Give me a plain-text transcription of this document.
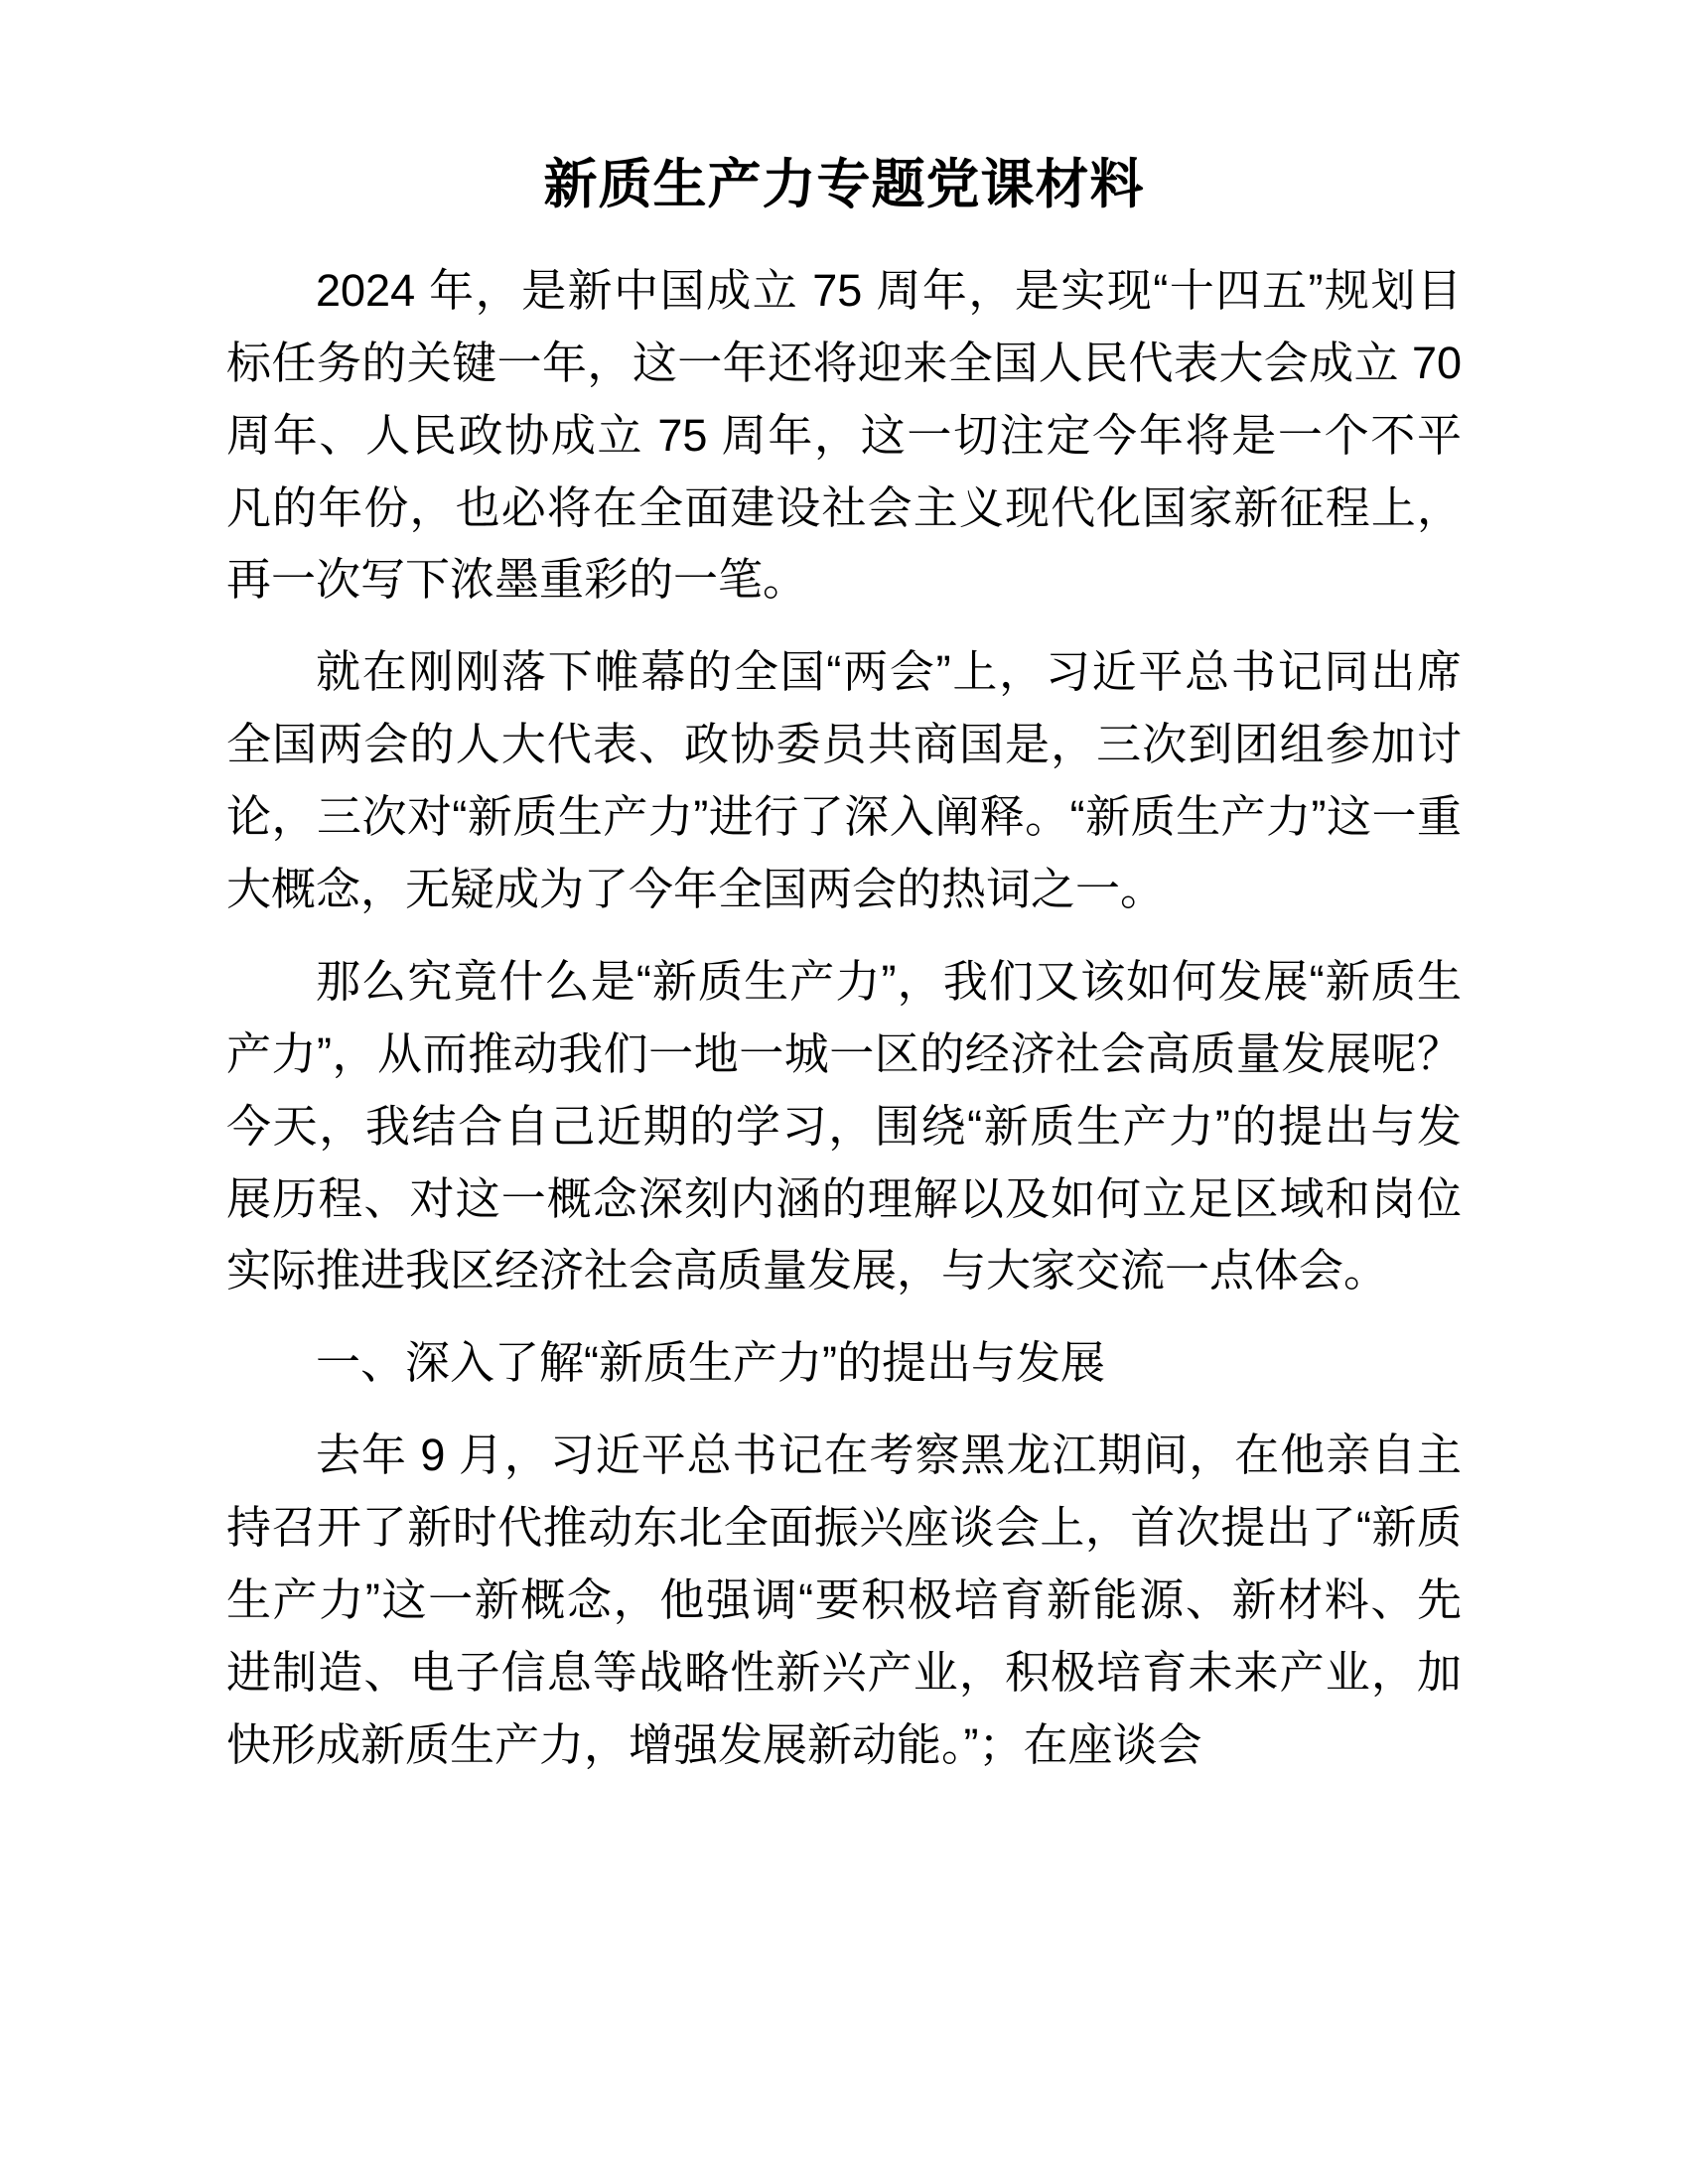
新质生产力专题党课材料

2024 年，是新中国成立 75 周年，是实现“十四五”规划目标任务的关键一年，这一年还将迎来全国人民代表大会成立 70 周年、人民政协成立 75 周年，这一切注定今年将是一个不平凡的年份，也必将在全面建设社会主义现代化国家新征程上，再一次写下浓墨重彩的一笔。

就在刚刚落下帷幕的全国“两会”上，习近平总书记同出席全国两会的人大代表、政协委员共商国是，三次到团组参加讨论，三次对“新质生产力”进行了深入阐释。“新质生产力”这一重大概念，无疑成为了今年全国两会的热词之一。

那么究竟什么是“新质生产力”，我们又该如何发展“新质生产力”，从而推动我们一地一城一区的经济社会高质量发展呢？今天，我结合自己近期的学习，围绕“新质生产力”的提出与发展历程、对这一概念深刻内涵的理解以及如何立足区域和岗位实际推进我区经济社会高质量发展，与大家交流一点体会。

一、深入了解“新质生产力”的提出与发展

去年 9 月，习近平总书记在考察黑龙江期间，在他亲自主持召开了新时代推动东北全面振兴座谈会上，首次提出了“新质生产力”这一新概念，他强调“要积极培育新能源、新材料、先进制造、电子信息等战略性新兴产业，积极培育未来产业，加快形成新质生产力，增强发展新动能。”；在座谈会
